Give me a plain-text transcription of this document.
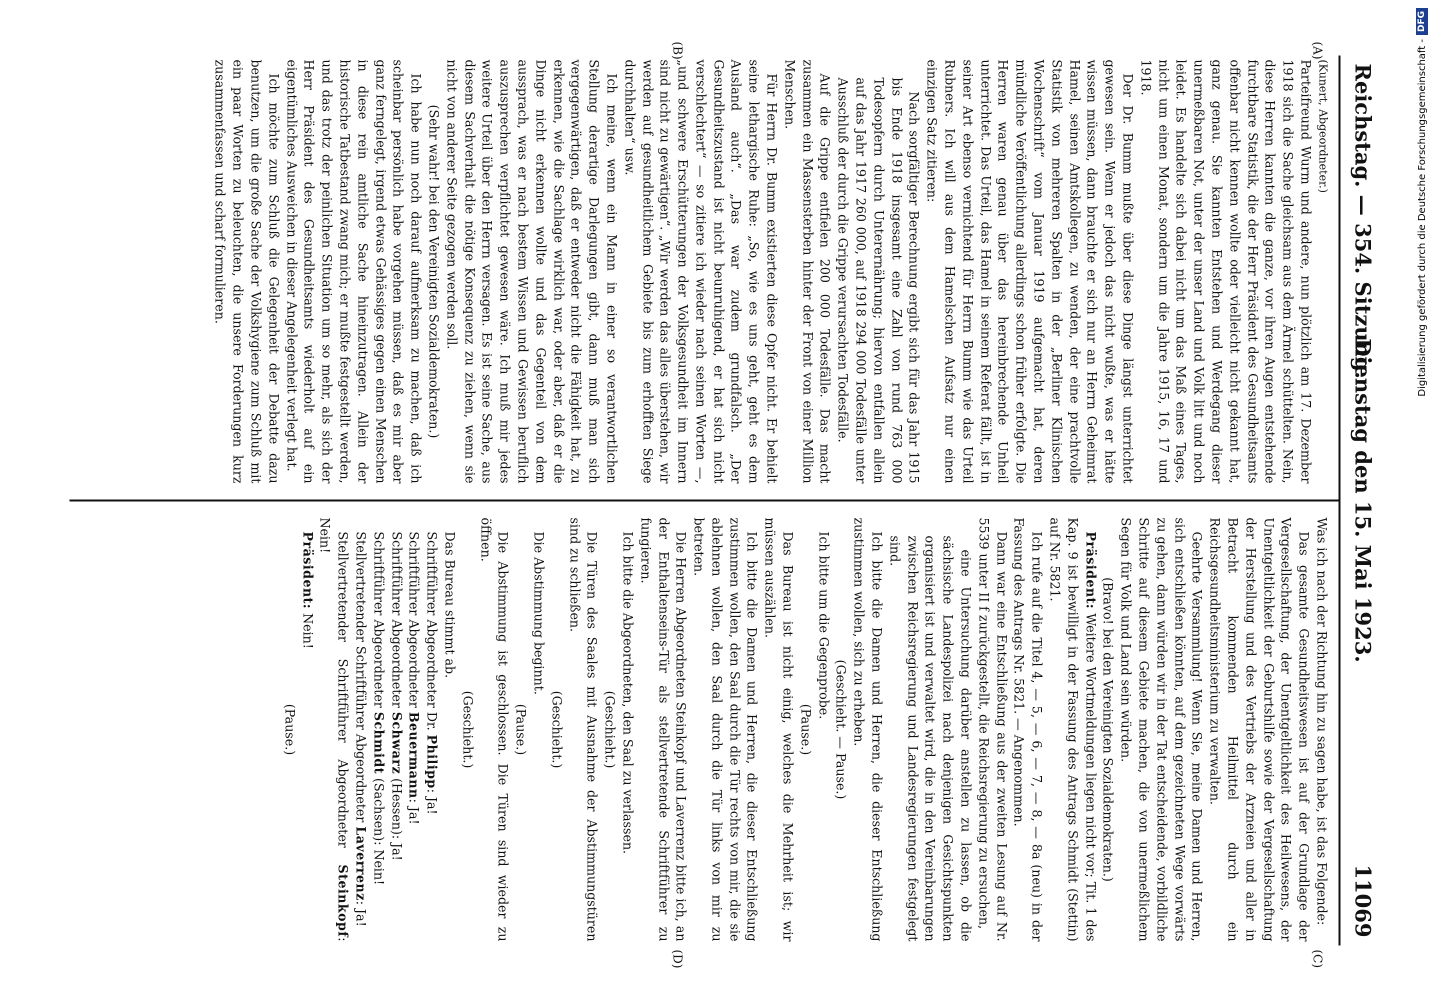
Reichstag. — 354. Sitzung.
11069
Dienstag den 15. Mai 1923.
(A)
(B)
(C)
(D)

(Kunert, Abgeordneter.)

Parteifreund Wurm und andere, nun plötzlich am 17. Dezember 1918 sich die Sache gleichsam aus dem Ärmel schüttelten. Nein, diese Herren kannten die ganze, vor ihren Augen entstehende furchtbare Statistik, die der Herr Präsident des Gesundheitsamts offenbar nicht kennen wollte oder vielleicht nicht gekannt hat, ganz genau. Sie kannten Entstehen und Werdegang dieser unermeßbaren Not, unter der unser Land und Volk litt und noch leidet. Es handelte sich dabei nicht um das Maß eines Tages, nicht um einen Monat, sondern um die Jahre 1915, 16, 17 und 1918.

Der Dr. Bumm mußte über diese Dinge längst unterrichtet gewesen sein. Wenn er jedoch das nicht wußte, was er hätte wissen müssen, dann brauchte er sich nur an Herrn Geheimrat Hamel, seinen Amtskollegen, zu wenden, der eine prachtvolle Statistik von mehreren Spalten in der „Berliner Klinischen Wochenschrift“ vom Januar 1919 aufgemacht hat, deren mündliche Veröffentlichung allerdings schon früher erfolgte. Die Herren waren genau über das hereinbrechende Unheil unterrichtet. Das Urteil, das Hamel in seinem Referat fällt, ist in seiner Art ebenso vernichtend für Herrn Bumm wie das Urteil Rubners. Ich will aus dem Hamelschen Aufsatz nur einen einzigen Satz zitieren:

Nach sorgfältiger Berechnung ergibt sich für das Jahr 1915 bis Ende 1918 insgesamt eine Zahl von rund 763 000 Todesopfern durch Unterernährung; hiervon entfallen allein auf das Jahr 1917 260 000, auf 1918 294 000 Todesfälle unter Ausschluß der durch die Grippe verursachten Todesfälle.

Auf die Grippe entfielen 200 000 Todesfälle. Das macht zusammen ein Massensterben hinter der Front von einer Million Menschen.

Für Herrn Dr. Bumm existierten diese Opfer nicht. Er behielt seine lethargische Ruhe: „So, wie es uns geht, geht es dem Ausland auch“. „Das war zudem grundfalsch. „Der Gesundheitszustand ist nicht beunruhigend, er hat sich nicht verschlechtert“ — so zitiere ich wieder nach seinen Worten —, „und schwere Erschütterungen der Volksgesundheit im Innern sind nicht zu gewärtigen“. „Wir werden das alles überstehen, wir werden auf gesundheitlichem Gebiete bis zum erhofften Siege durchhalten“ usw.

Ich meine, wenn ein Mann in einer so verantwortlichen Stellung derartige Darlegungen gibt, dann muß man sich vergegenwärtigen, daß er entweder nicht die Fähigkeit hat, zu erkennen, wie die Sachlage wirklich war, oder aber, daß er die Dinge nicht erkennen wollte und das Gegenteil von dem aussprach, was er nach bestem Wissen und Gewissen beruflich auszusprechen verpflichtet gewesen wäre. Ich muß mir jedes weitere Urteil über den Herrn versagen. Es ist seine Sache, aus diesem Sachverhalt die nötige Konsequenz zu ziehen, wenn sie nicht von anderer Seite gezogen werden soll.

(Sehr wahr! bei den Vereinigten Sozialdemokraten.)

Ich habe nun noch darauf aufmerksam zu machen, daß ich scheinbar persönlich habe vorgehen müssen, daß es mir aber ganz ferngelegt, irgend etwas Gehässiges gegen einen Menschen in diese rein amtliche Sache hineinzutragen. Allein der historische Tatbestand zwang mich; er mußte festgestellt werden, und das trotz der peinlichen Situation um so mehr, als sich der Herr Präsident des Gesundheitsamts wiederholt auf ein eigentümliches Ausweichen in dieser Angelegenheit verlegt hat.

Ich möchte zum Schluß die Gelegenheit der Debatte dazu benutzen, um die große Sache der Volkshygiene zum Schluß mit ein paar Worten zu beleuchten, die unsere Forderungen kurz zusammenfassen und scharf formulieren.

Was ich nach der Richtung hin zu sagen habe, ist das Folgende:

Das gesamte Gesundheitswesen ist auf der Grundlage der Vergesellschaftung, der Unentgeltlichkeit des Heilwesens, der Unentgeltlichkeit der Geburtshilfe sowie der Vergesellschaftung der Herstellung und des Vertriebs der Arzneien und aller in Betracht kommenden Heilmittel durch ein Reichsgesundheitsministerium zu verwalten.

Geehrte Versammlung! Wenn Sie, meine Damen und Herren, sich entschließen könnten, auf dem gezeichneten Wege vorwärts zu gehen, dann würden wir in der Tat entscheidende, vorbildliche Schritte auf diesem Gebiete machen, die von unermeßlichem Segen für Volk und Land sein würden.

(Bravo! bei den Vereinigten Sozialdemokraten.)

Präsident: Weitere Wortmeldungen liegen nicht vor; Tit. 1 des Kap. 9 ist bewilligt in der Fassung des Antrags Schmidt (Stettin) auf Nr. 5821.

Ich rufe auf die Titel 4, — 5, — 6, — 7, — 8, — 8a (neu) in der Fassung des Antrags Nr. 5821. — Angenommen.

Dann war eine Entschließung aus der zweiten Lesung auf Nr. 5539 unter II f zurückgestellt, die Reichsregierung zu ersuchen,

eine Untersuchung darüber anstellen zu lassen, ob die sächsische Landespolizei nach denjenigen Gesichtspunkten organisiert ist und verwaltet wird, die in den Vereinbarungen zwischen Reichsregierung und Landesregierungen festgelegt sind.

Ich bitte die Damen und Herren, die dieser Entschließung zustimmen wollen, sich zu erheben.

(Geschieht. — Pause.)

Ich bitte um die Gegenprobe.

(Pause.)

Das Bureau ist nicht einig, welches die Mehrheit ist; wir müssen auszählen.

Ich bitte die Damen und Herren, die dieser Entschließung zustimmen wollen, den Saal durch die Tür rechts von mir, die sie ablehnen wollen, den Saal durch die Tür links von mir zu betreten.

Die Herren Abgeordneten Steinkopf und Laverrenz bitte ich, an der Enthaltenseins-Tür als stellvertretende Schriftführer zu fungieren.

Ich bitte die Abgeordneten, den Saal zu verlassen.

(Geschieht.)

Die Türen des Saales mit Ausnahme der Abstimmungstüren sind zu schließen.

(Geschieht.)

Die Abstimmung beginnt.

(Pause.)

Die Abstimmung ist geschlossen. Die Türen sind wieder zu öffnen.

(Geschieht.)

Das Bureau stimmt ab.

Schriftführer Abgeordneter Dr. Philipp: Ja!

Schriftführer Abgeordneter Beuermann: Ja!

Schriftführer Abgeordneter Schwarz (Hessen): Ja!

Schriftführer Abgeordneter Schmidt (Sachsen): Nein!

Stellvertretender Schriftführer Abgeordneter Laverrenz: Ja!

Stellvertretender Schriftführer Abgeordneter Steinkopf: Nein!

Präsident: Nein!

(Pause.)

Digitalisierung gefördert durch die Deutsche Forschungsgemeinschaft -DFG
